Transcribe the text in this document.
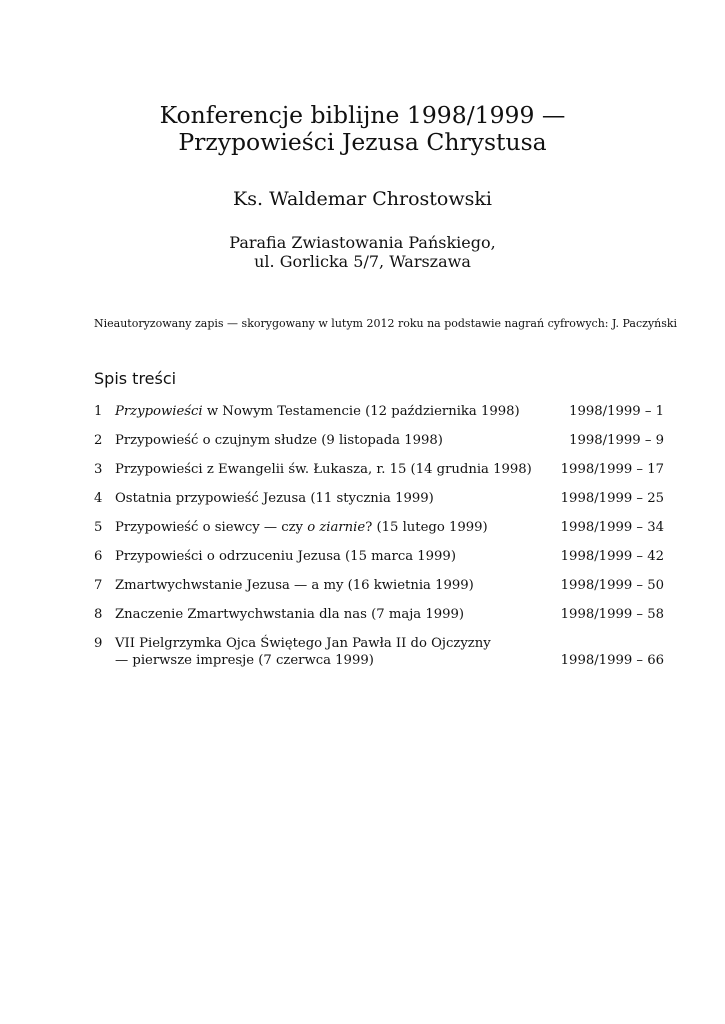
Konferencje biblijne 1998/1999 —
Przypowieści Jezusa Chrystusa
Ks. Waldemar Chrostowski
Parafia Zwiastowania Pańskiego,
ul. Gorlicka 5/7, Warszawa
Nieautoryzowany zapis — skorygowany w lutym 2012 roku na podstawie nagrań cyfrowych: J. Paczyński
Spis treści
1 Przypowieści w Nowym Testamencie (12 października 1998)	1998/1999 – 1
2 Przypowieść o czujnym słudze (9 listopada 1998)	1998/1999 – 9
3 Przypowieści z Ewangelii św. Łukasza, r. 15 (14 grudnia 1998) 1998/1999 – 17
4 Ostatnia przypowieść Jezusa (11 stycznia 1999)	1998/1999 – 25
5 Przypowieść o siewcy — czy o ziarnie? (15 lutego 1999)	1998/1999 – 34
6 Przypowieści o odrzuceniu Jezusa (15 marca 1999)	1998/1999 – 42
7 Zmartwychwstanie Jezusa — a my (16 kwietnia 1999)	1998/1999 – 50
8 Znaczenie Zmartwychwstania dla nas (7 maja 1999)	1998/1999 – 58
9 VII Pielgrzymka Ojca Świętego Jan Pawła II do Ojczyzny
— pierwsze impresje (7 czerwca 1999)	1998/1999 – 66
